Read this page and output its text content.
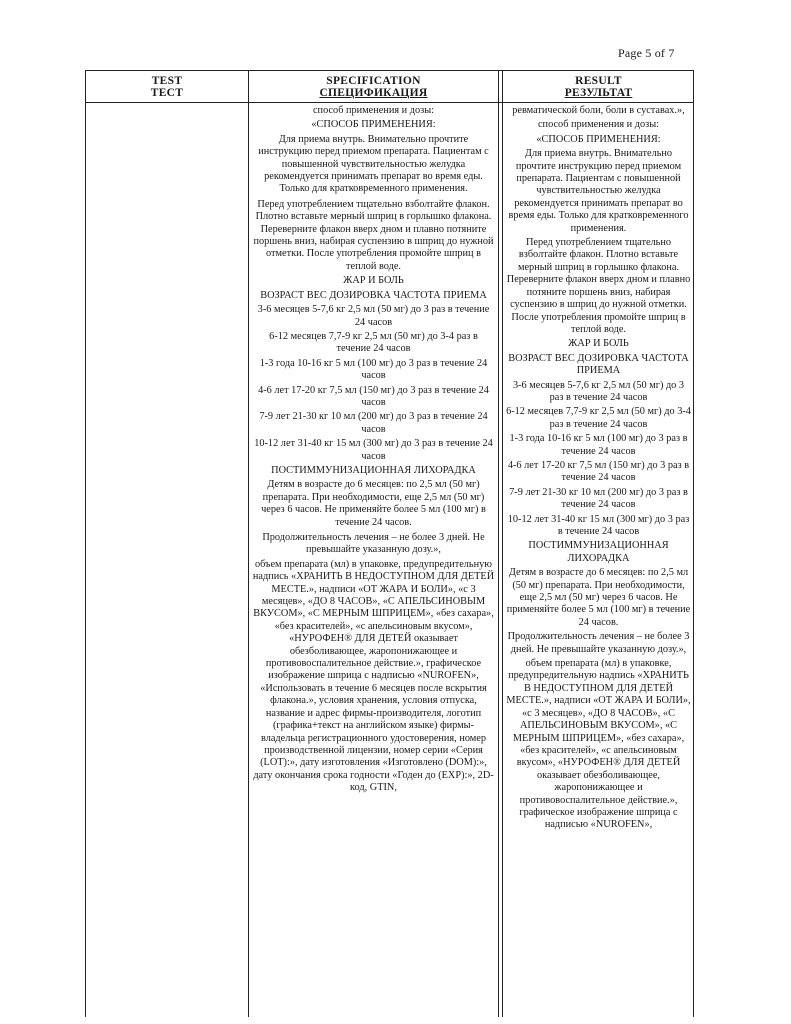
Page 5 of 7
TEST
ТЕСТ
SPECIFICATION
СПЕЦИФИКАЦИЯ
RESULT
РЕЗУЛЬТАТ

способ применения и дозы:

«СПОСОБ ПРИМЕНЕНИЯ:

Для приема внутрь. Внимательно прочтите инструкцию перед приемом препарата. Пациентам с повышенной чувствительностью желудка рекомендуется принимать препарат во время еды. Только для кратковременного применения.

Перед употреблением тщательно взболтайте флакон. Плотно вставьте мерный шприц в горлышко флакона. Переверните флакон вверх дном и плавно потяните поршень вниз, набирая суспензию в шприц до нужной отметки. После употребления промойте шприц в теплой воде.

ЖАР И БОЛЬ

ВОЗРАСТ ВЕС ДОЗИРОВКА ЧАСТОТА ПРИЕМА

3-6 месяцев 5-7,6 кг 2,5 мл (50 мг) до 3 раз в течение 24 часов

6-12 месяцев 7,7-9 кг 2,5 мл (50 мг) до 3-4 раз в течение 24 часов

1-3 года 10-16 кг 5 мл (100 мг) до 3 раз в течение 24 часов

4-6 лет 17-20 кг 7,5 мл (150 мг) до 3 раз в течение 24 часов

7-9 лет 21-30 кг 10 мл (200 мг) до 3 раз в течение 24 часов

10-12 лет 31-40 кг 15 мл (300 мг) до 3 раз в течение 24 часов

ПОСТИММУНИЗАЦИОННАЯ ЛИХОРАДКА

Детям в возрасте до 6 месяцев: по 2,5 мл (50 мг) препарата. При необходимости, еще 2,5 мл (50 мг) через 6 часов. Не применяйте более 5 мл (100 мг) в течение 24 часов.

Продолжительность лечения – не более 3 дней. Не превышайте указанную дозу.»,

объем препарата (мл) в упаковке, предупредительную надпись «ХРАНИТЬ В НЕДОСТУПНОМ ДЛЯ ДЕТЕЙ МЕСТЕ.», надписи «ОТ ЖАРА И БОЛИ», «с 3 месяцев», «ДО 8 ЧАСОВ», «С АПЕЛЬСИНОВЫМ ВКУСОМ», «С МЕРНЫМ ШПРИЦЕМ», «без сахара», «без красителей», «с апельсиновым вкусом», «НУРОФЕН® ДЛЯ ДЕТЕЙ оказывает обезболивающее, жаропонижающее и противовоспалительное действие.», графическое изображение шприца с надписью «NUROFEN», «Использовать в течение 6 месяцев после вскрытия флакона.», условия хранения, условия отпуска, название и адрес фирмы-производителя, логотип (графика+текст на английском языке) фирмы-владельца регистрационного удостоверения, номер производственной лицензии, номер серии «Серия (LOT):», дату изготовления «Изготовлено (DOM):», дату окончания срока годности «Годен до (EXP):», 2D-код, GTIN,

ревматической боли, боли в суставах.»,

способ применения и дозы:

«СПОСОБ ПРИМЕНЕНИЯ:

Для приема внутрь. Внимательно прочтите инструкцию перед приемом препарата. Пациентам с повышенной чувствительностью желудка рекомендуется принимать препарат во время еды. Только для кратковременного применения.

Перед употреблением тщательно взболтайте флакон. Плотно вставьте мерный шприц в горлышко флакона. Переверните флакон вверх дном и плавно потяните поршень вниз, набирая суспензию в шприц до нужной отметки. После употребления промойте шприц в теплой воде.

ЖАР И БОЛЬ

ВОЗРАСТ ВЕС ДОЗИРОВКА ЧАСТОТА ПРИЕМА

3-6 месяцев 5-7,6 кг 2,5 мл (50 мг) до 3 раз в течение 24 часов

6-12 месяцев 7,7-9 кг 2,5 мл (50 мг) до 3-4 раз в течение 24 часов

1-3 года 10-16 кг 5 мл (100 мг) до 3 раз в течение 24 часов

4-6 лет 17-20 кг 7,5 мл (150 мг) до 3 раз в течение 24 часов

7-9 лет 21-30 кг 10 мл (200 мг) до 3 раз в течение 24 часов

10-12 лет 31-40 кг 15 мл (300 мг) до 3 раз в течение 24 часов

ПОСТИММУНИЗАЦИОННАЯ ЛИХОРАДКА

Детям в возрасте до 6 месяцев: по 2,5 мл (50 мг) препарата. При необходимости, еще 2,5 мл (50 мг) через 6 часов. Не применяйте более 5 мл (100 мг) в течение 24 часов.

Продолжительность лечения – не более 3 дней. Не превышайте указанную дозу.»,

объем препарата (мл) в упаковке, предупредительную надпись «ХРАНИТЬ В НЕДОСТУПНОМ ДЛЯ ДЕТЕЙ МЕСТЕ.», надписи «ОТ ЖАРА И БОЛИ», «с 3 месяцев», «ДО 8 ЧАСОВ», «С АПЕЛЬСИНОВЫМ ВКУСОМ», «С МЕРНЫМ ШПРИЦЕМ», «без сахара», «без красителей», «с апельсиновым вкусом», «НУРОФЕН® ДЛЯ ДЕТЕЙ оказывает обезболивающее, жаропонижающее и противовоспалительное действие.», графическое изображение шприца с надписью «NUROFEN»,
